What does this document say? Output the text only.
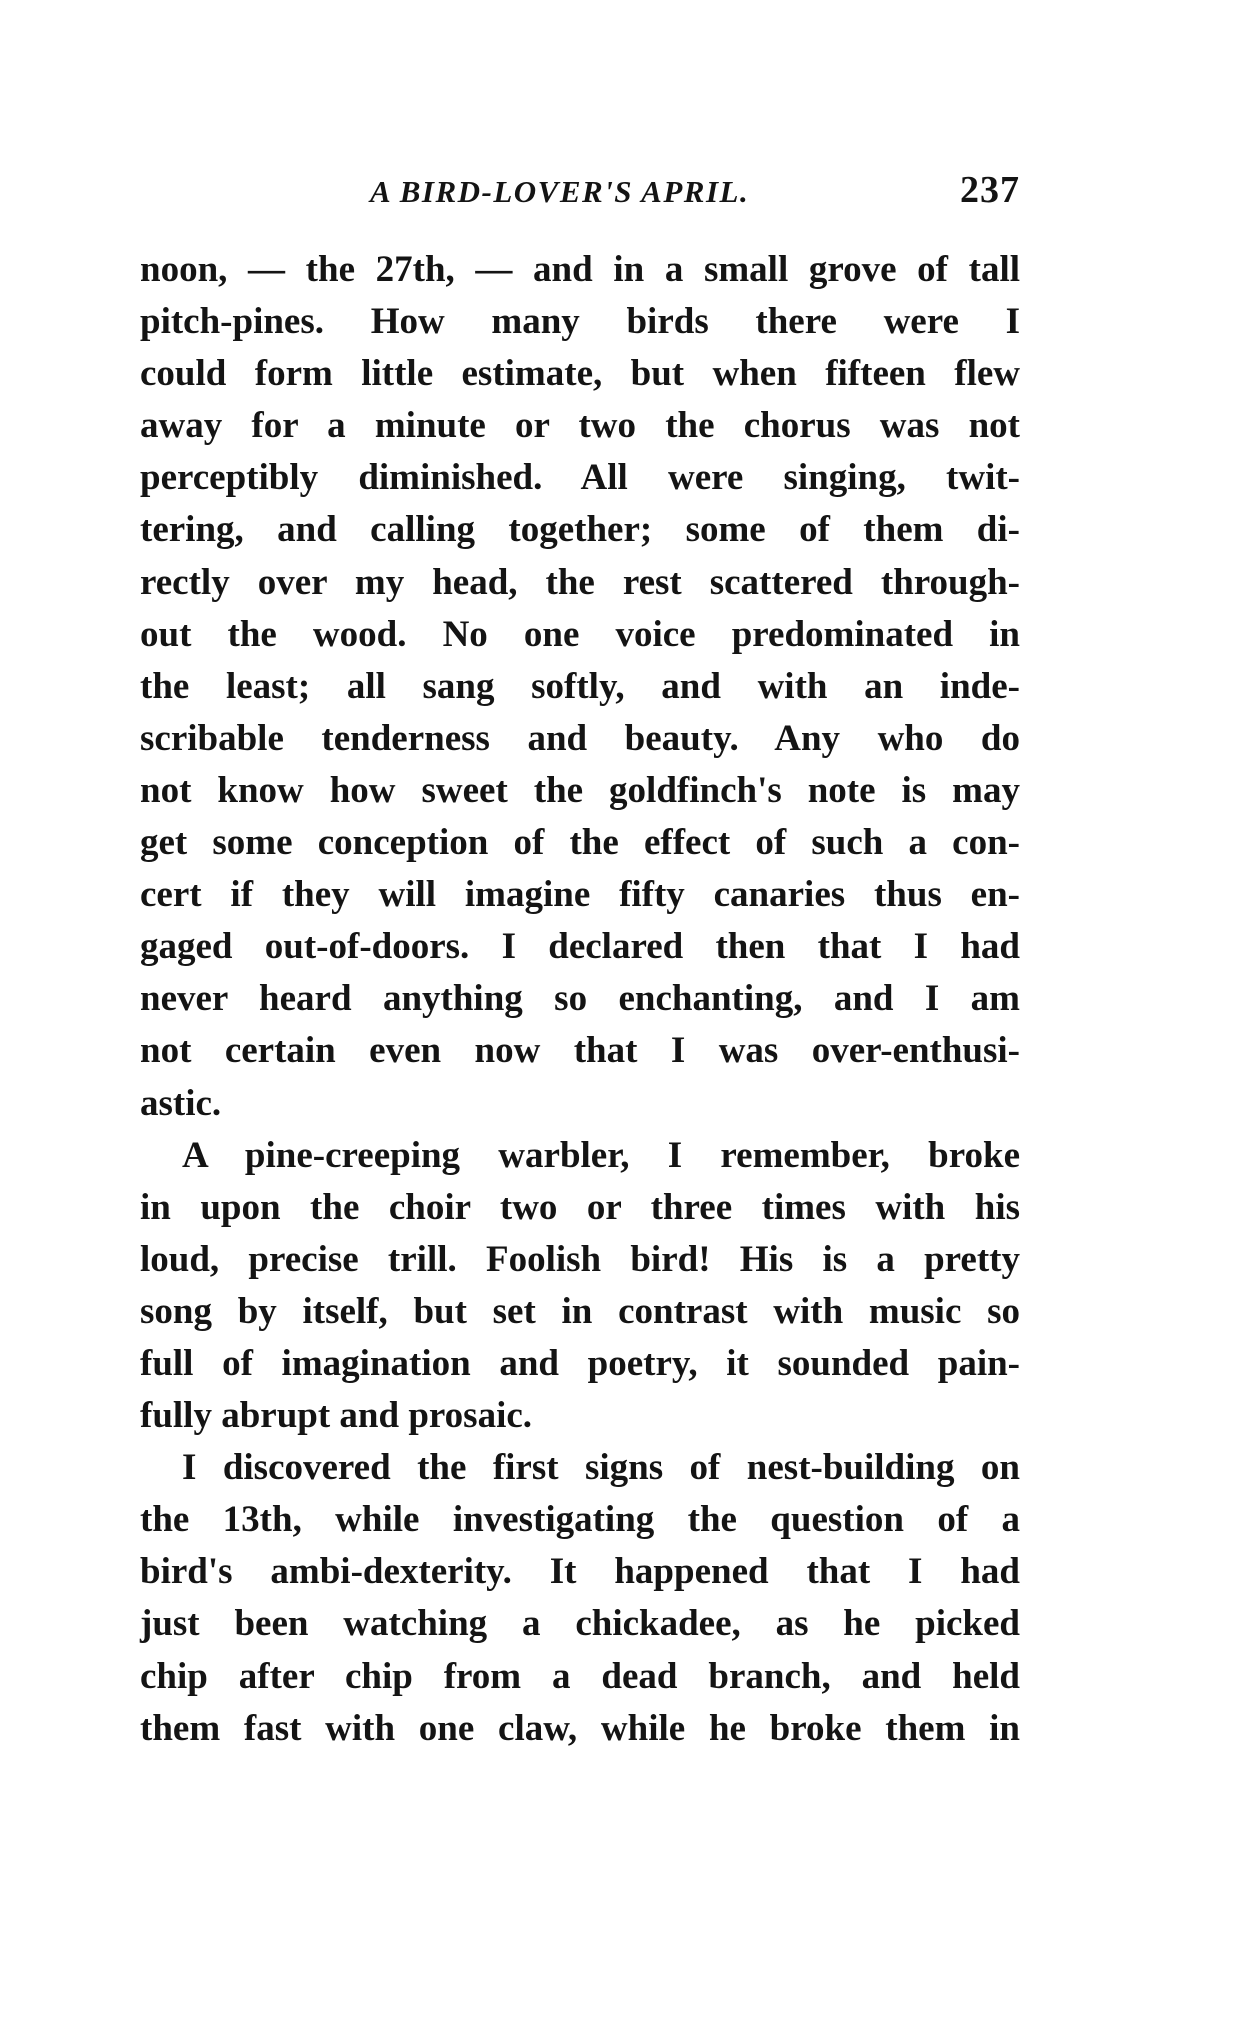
A BIRD-LOVER'S APRIL.	237
noon, — the 27th, — and in a small grove of tall
pitch-pines. How many birds there were I
could form little estimate, but when fifteen flew
away for a minute or two the chorus was not
perceptibly diminished. All were singing, twit-
tering, and calling together; some of them di-
rectly over my head, the rest scattered through-
out the wood. No one voice predominated in
the least; all sang softly, and with an inde-
scribable tenderness and beauty. Any who do
not know how sweet the goldfinch's note is may
get some conception of the effect of such a con-
cert if they will imagine fifty canaries thus en-
gaged out-of-doors. I declared then that I had
never heard anything so enchanting, and I am
not certain even now that I was over-enthusi-
astic.
A pine-creeping warbler, I remember, broke
in upon the choir two or three times with his
loud, precise trill. Foolish bird! His is a pretty
song by itself, but set in contrast with music so
full of imagination and poetry, it sounded pain-
fully abrupt and prosaic.
I discovered the first signs of nest-building on
the 13th, while investigating the question of a
bird's ambi-dexterity. It happened that I had
just been watching a chickadee, as he picked
chip after chip from a dead branch, and held
them fast with one claw, while he broke them in
